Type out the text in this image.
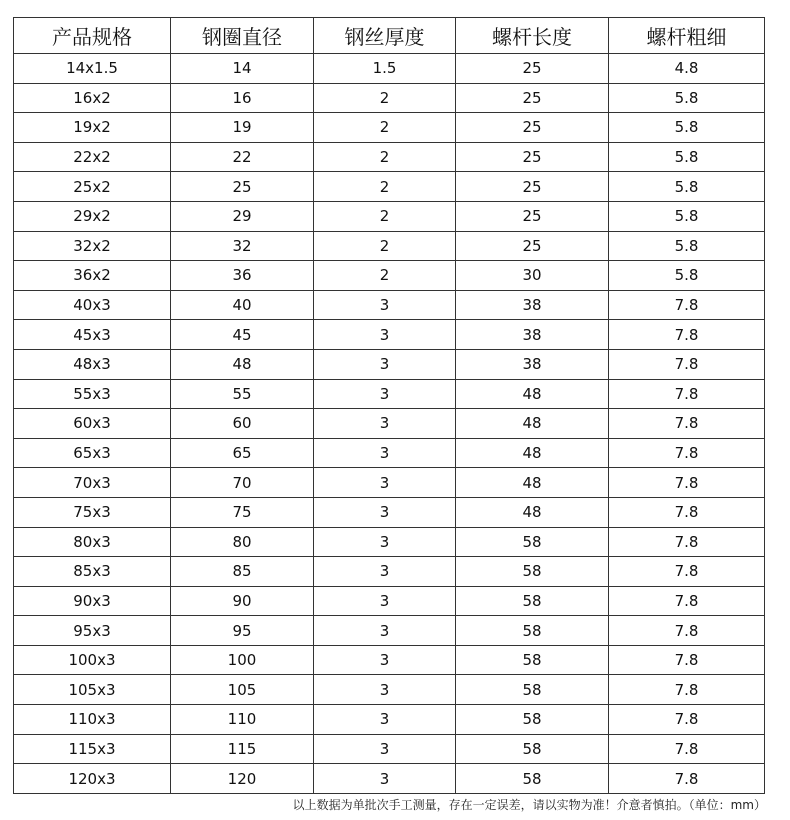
产品规格	钢圈直径	钢丝厚度	螺杆长度	螺杆粗细
14x1.5	14	1.5	25	4.8
16x2	16	2	25	5.8
19x2	19	2	25	5.8
22x2	22	2	25	5.8
25x2	25	2	25	5.8
29x2	29	2	25	5.8
32x2	32	2	25	5.8
36x2	36	2	30	5.8
40x3	40	3	38	7.8
45x3	45	3	38	7.8
48x3	48	3	38	7.8
55x3	55	3	48	7.8
60x3	60	3	48	7.8
65x3	65	3	48	7.8
70x3	70	3	48	7.8
75x3	75	3	48	7.8
80x3	80	3	58	7.8
85x3	85	3	58	7.8
90x3	90	3	58	7.8
95x3	95	3	58	7.8
100x3	100	3	58	7.8
105x3	105	3	58	7.8
110x3	110	3	58	7.8
115x3	115	3	58	7.8
120x3	120	3	58	7.8
以上数据为单批次手工测量，存在一定误差，请以实物为准！介意者慎拍。（单位：mm）
